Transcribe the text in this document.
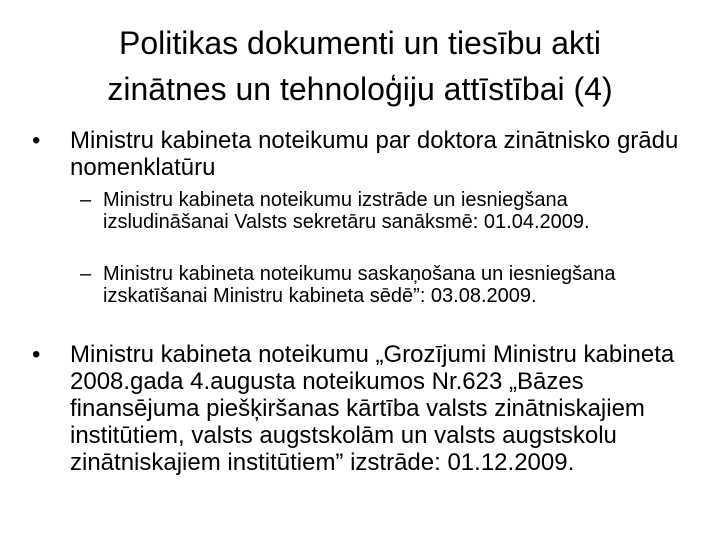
Politikas dokumenti un tiesību akti
zinātnes un tehnoloģiju attīstībai (4)
•	Ministru kabineta noteikumu par doktora zinātnisko grādu nomenklatūru
– Ministru kabineta noteikumu izstrāde un iesniegšana izsludināšanai Valsts sekretāru sanāksmē: 01.04.2009.
– Ministru kabineta noteikumu saskaņošana un iesniegšana izskatīšanai Ministru kabineta sēdē”: 03.08.2009.
•	Ministru kabineta noteikumu „Grozījumi Ministru kabineta 2008.gada 4.augusta noteikumos Nr.623 „Bāzes finansējuma piešķiršanas kārtība valsts zinātniskajiem institūtiem, valsts augstskolām un valsts augstskolu zinātniskajiem institūtiem” izstrāde: 01.12.2009.
